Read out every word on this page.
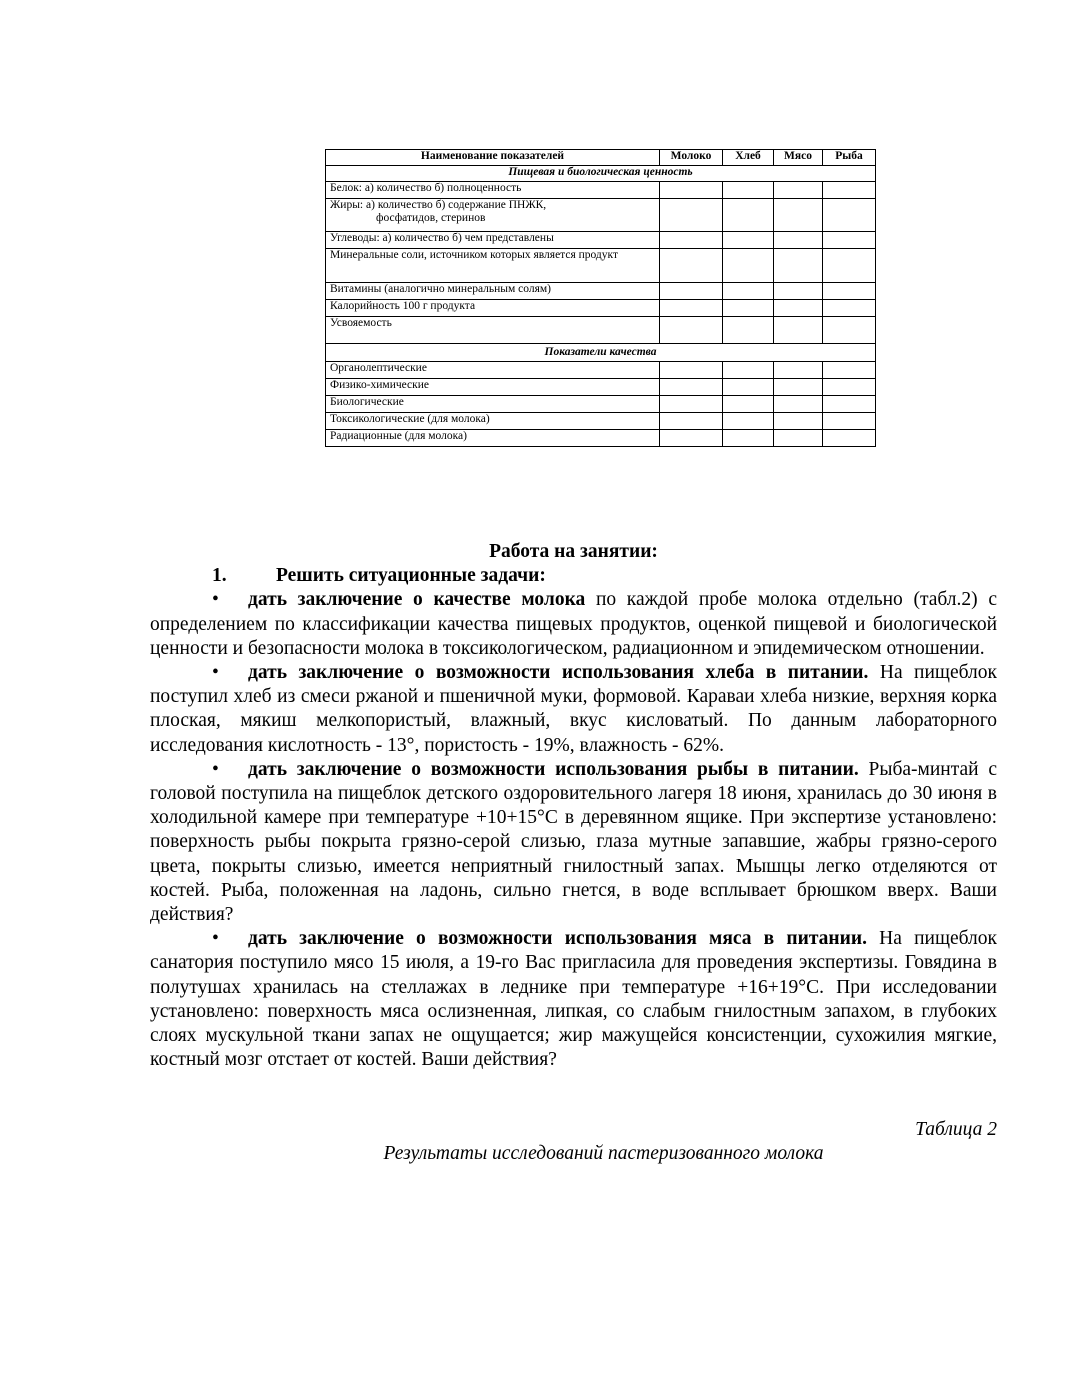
Наименование показателей	Молоко	Хлеб	Мясо	Рыба
Пищевая и биологическая ценность				
Белок: а) количество б) полноценность				
Жиры: а) количество б) содержание ПНЖК,
фосфатидов, стеринов				

Углеводы: а) количество б) чем представлены				
Минеральные соли, источником которых является продукт				
Витамины (аналогично минеральным солям)				
Калорийность 100 г продукта				
Усвояемость				
Показатели качества				
Органолептические				
Физико-химические				
Биологические				
Токсикологические (для молока)				
Радиационные (для молока)				

Работа на занятии:

1.	Решить ситуационные задачи:

• дать заключение о качестве молока по каждой пробе молока отдельно (табл.2) с определением по классификации качества пищевых продуктов, оценкой пищевой и биологической ценности и безопасности молока в токсикологическом, радиационном и эпидемическом отношении.

• дать заключение о возможности использования хлеба в питании. На пищеблок поступил хлеб из смеси ржаной и пшеничной муки, формовой. Караваи хлеба низкие, верхняя корка плоская, мякиш мелкопористый, влажный, вкус кисловатый. По данным лабораторного исследования кислотность - 13°, пористость - 19%, влажность - 62%.

• дать заключение о возможности использования рыбы в питании. Рыба-минтай с головой поступила на пищеблок детского оздоровительного лагеря 18 июня, хранилась до 30 июня в холодильной камере при температуре +10+15°С в деревянном ящике. При экспертизе установлено: поверхность рыбы покрыта грязно-серой слизью, глаза мутные запавшие, жабры грязно-серого цвета, покрыты слизью, имеется неприятный гнилостный запах. Мышцы легко отделяются от костей. Рыба, положенная на ладонь, сильно гнется, в воде всплывает брюшком вверх. Ваши действия?

• дать заключение о возможности использования мяса в питании. На пищеблок санатория поступило мясо 15 июля, а 19-го Вас пригласила для проведения экспертизы. Говядина в полутушах хранилась на стеллажах в леднике при температуре +16+19°С. При исследовании установлено: поверхность мяса ослизненная, липкая, со слабым гнилостным запахом, в глубоких слоях мускульной ткани запах не ощущается; жир мажущейся консистенции, сухожилия мягкие, костный мозг отстает от костей. Ваши действия?

Таблица 2
Результаты исследований пастеризованного молока
